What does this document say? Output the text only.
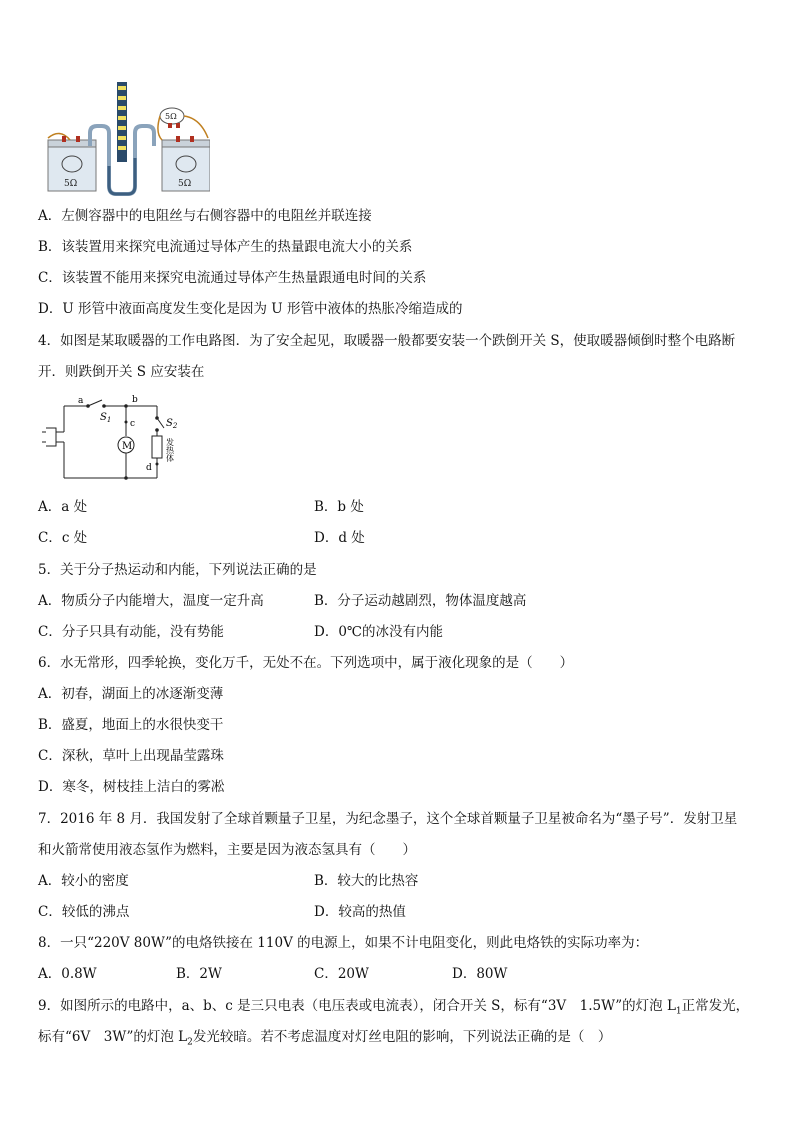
5Ω	5Ω
5Ω
A．左侧容器中的电阻丝与右侧容器中的电阻丝并联连接
B．该装置用来探究电流通过导体产生的热量跟电流大小的关系
C．该装置不能用来探究电流通过导体产生热量跟通电时间的关系
D．U 形管中液面高度发生变化是因为 U 形管中液体的热胀冷缩造成的
4．如图是某取暖器的工作电路图．为了安全起见，取暖器一般都要安装一个跌倒开关 S，使取暖器倾倒时整个电路断
开．则跌倒开关 S 应安装在
a	b
c
d
$S_1$	$S_2$
M	发热体
A．a 处	B．b 处
C．c 处	D．d 处
5．关于分子热运动和内能，下列说法正确的是
A．物质分子内能增大，温度一定升高	B．分子运动越剧烈，物体温度越高
C．分子只具有动能，没有势能	D．0℃的冰没有内能
6．水无常形，四季轮换，变化万千，无处不在。下列选项中，属于液化现象的是（　　）
A．初春，湖面上的冰逐渐变薄
B．盛夏，地面上的水很快变干
C．深秋，草叶上出现晶莹露珠
D．寒冬，树枝挂上洁白的雾凇
7．2016 年 8 月．我国发射了全球首颗量子卫星，为纪念墨子，这个全球首颗量子卫星被命名为“墨子号”．发射卫星
和火箭常使用液态氢作为燃料，主要是因为液态氢具有（　　）
A．较小的密度	B．较大的比热容
C．较低的沸点	D．较高的热值
8．一只“220V 80W”的电烙铁接在 110V 的电源上，如果不计电阻变化，则此电烙铁的实际功率为：
A．0.8W	B．2W	C．20W	D．80W
9．如图所示的电路中，a、b、c 是三只电表（电压表或电流表），闭合开关 S，标有“3V　1.5W”的灯泡 $L_1$正常发光，
标有“6V　3W”的灯泡 $L_2$发光较暗。若不考虑温度对灯丝电阻的影响，下列说法正确的是（　）
